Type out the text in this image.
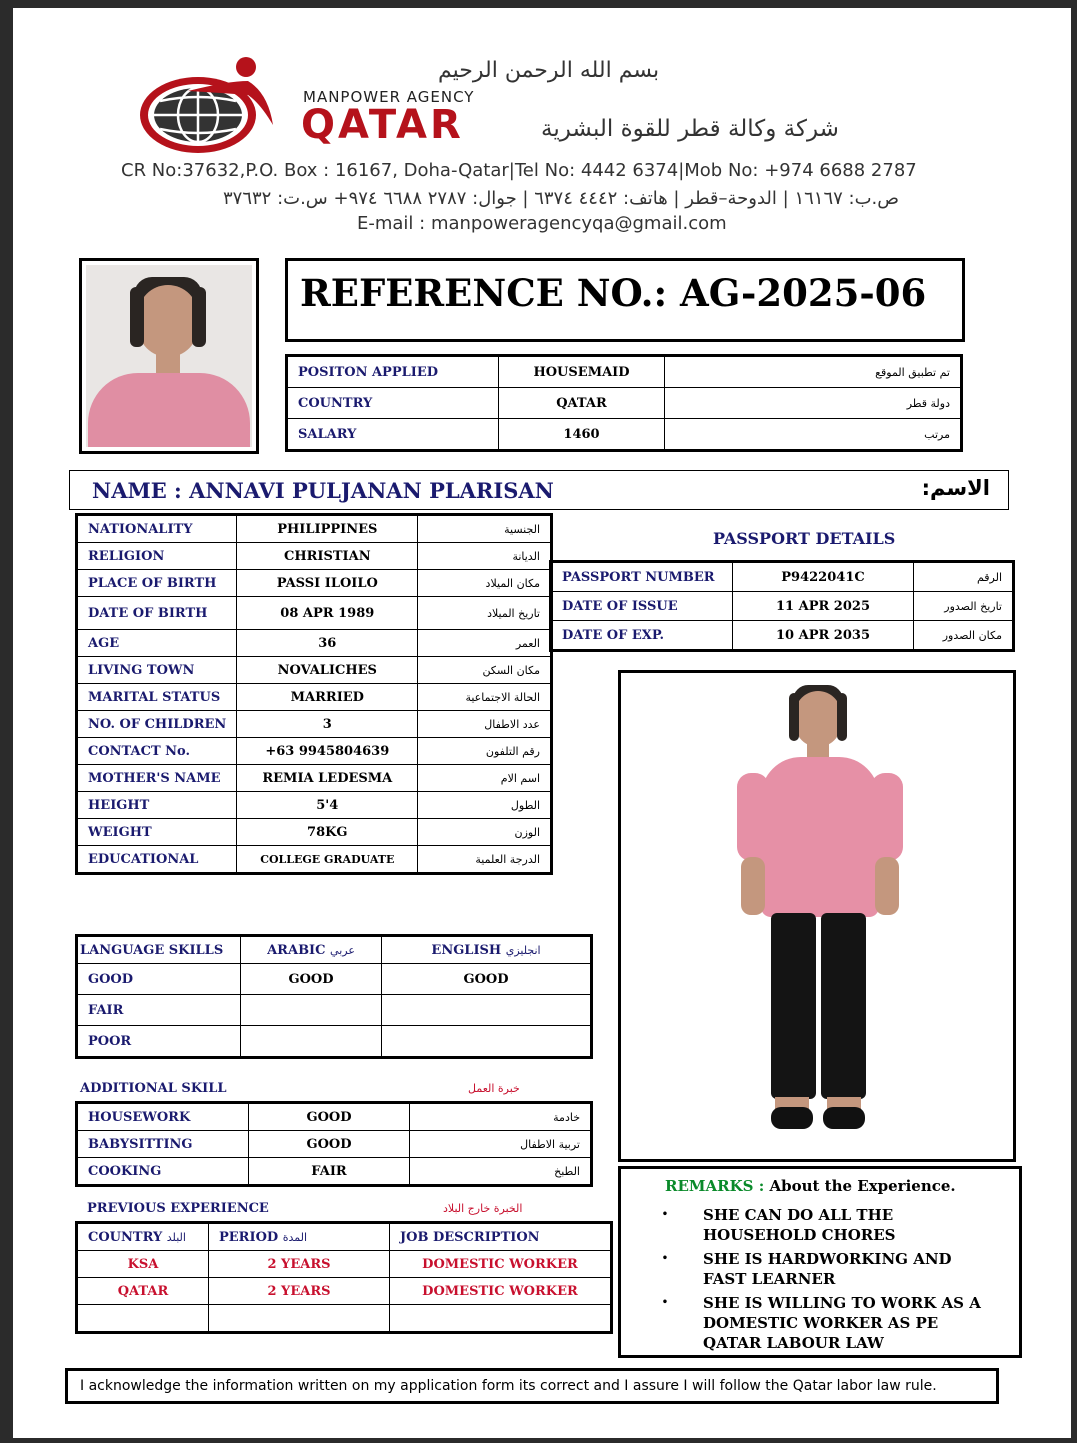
بسم الله الرحمن الرحيم
MANPOWER AGENCY
QATAR	شركة وكالة قطر للقوة البشرية
CR No:37632,P.O. Box : 16167, Doha-Qatar|Tel No: 4442 6374|Mob No: +974 6688 2787
ص.ب: ١٦١٦٧ | الدوحة–قطر | هاتف: ٤٤٤٢ ٦٣٧٤ | جوال: ٢٧٨٧ ٦٦٨٨ ٩٧٤+ س.ت: ٣٧٦٣٢
E-mail : manpoweragencyqa@gmail.com
REFERENCE NO.: AG-2025-06
POSITON APPLIED	HOUSEMAID	تم تطبيق الموقع
COUNTRY	QATAR	دولة قطر
SALARY	1460	مرتب
NAME : ANNAVI PULJANAN PLARISAN	الاسم:
NATIONALITY	PHILIPPINES	الجنسية
RELIGION	CHRISTIAN	الديانة
PLACE OF BIRTH	PASSI ILOILO	مكان الميلاد
DATE OF BIRTH	08 APR 1989	تاريخ الميلاد
AGE	36	العمر
LIVING TOWN	NOVALICHES	مكان السكن
MARITAL STATUS	MARRIED	الحالة الاجتماعية
NO. OF CHILDREN	3	عدد الاطفال
CONTACT No.	+63 9945804639	رقم التلفون
MOTHER'S NAME	REMIA LEDESMA	اسم الام
HEIGHT	5'4	الطول
WEIGHT	78KG	الوزن
EDUCATIONAL	COLLEGE GRADUATE	الدرجة العلمية
PASSPORT DETAILS
PASSPORT NUMBER	P9422041C	الرقم
DATE OF ISSUE	11 APR 2025	تاريخ الصدور
DATE OF EXP.	10 APR 2035	مكان الصدور
LANGUAGE SKILLS	ARABIC عربي	ENGLISH انجليزي
GOOD	GOOD	GOOD
FAIR		
POOR		
ADDITIONAL SKILL	خبرة العمل
HOUSEWORK	GOOD	خادمة
BABYSITTING	GOOD	تربية الاطفال
COOKING	FAIR	الطبخ
PREVIOUS EXPERIENCE	الخبرة خارج البلاد
COUNTRY البلد	PERIOD المدة	JOB DESCRIPTION
KSA	2 YEARS	DOMESTIC WORKER
QATAR	2 YEARS	DOMESTIC WORKER

REMARKS : About the Experience.
•	SHE CAN DO ALL THE HOUSEHOLD CHORES
•	SHE IS HARDWORKING AND FAST LEARNER
•	SHE IS WILLING TO WORK AS A DOMESTIC WORKER AS PE QATAR LABOUR LAW
I acknowledge the information written on my application form its correct and I assure I will follow the Qatar labor law rule.
